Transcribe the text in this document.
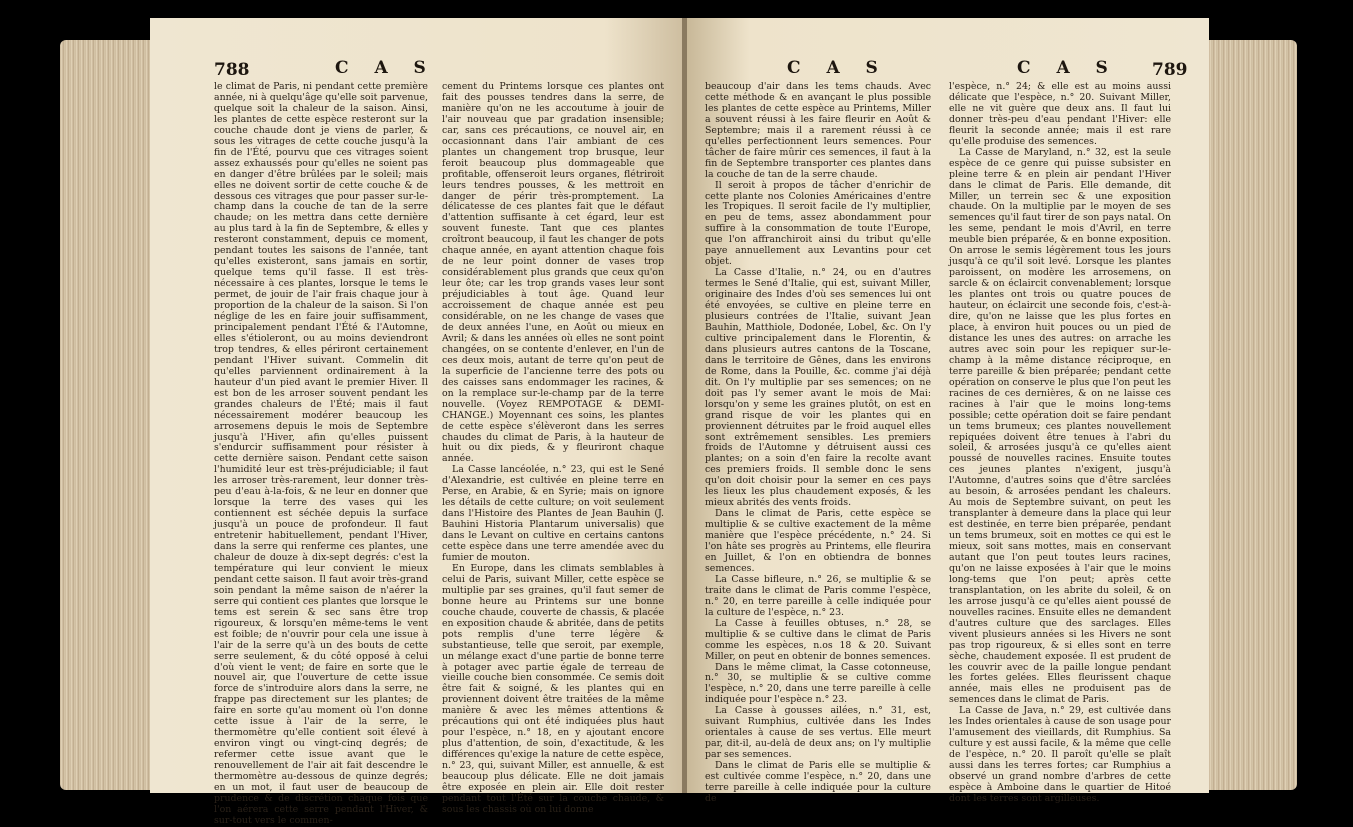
788	C A S

le climat de Paris, ni pendant cette première année, ni à quelqu'âge qu'elle soit parvenue, quelque soit la chaleur de la saison. Ainsi, les plantes de cette espèce resteront sur la couche chaude dont je viens de parler, & sous les vitrages de cette couche jusqu'à la fin de l'Été, pourvu que ces vitrages soient assez exhaussés pour qu'elles ne soient pas en danger d'être brûlées par le soleil; mais elles ne doivent sortir de cette couche & de dessous ces vitrages que pour passer sur-le-champ dans la couche de tan de la serre chaude; on les mettra dans cette dernière au plus tard à la fin de Septembre, & elles y resteront constamment, depuis ce moment, pendant toutes les saisons de l'année, tant qu'elles existeront, sans jamais en sortir, quelque tems qu'il fasse. Il est très-nécessaire à ces plantes, lorsque le tems le permet, de jouir de l'air frais chaque jour à proportion de la chaleur de la saison. Si l'on néglige de les en faire jouir suffisamment, principalement pendant l'Été & l'Automne, elles s'étioleront, ou au moins deviendront trop tendres, & elles périront certainement pendant l'Hiver suivant. Commelin dit qu'elles parviennent ordinairement à la hauteur d'un pied avant le premier Hiver. Il est bon de les arroser souvent pendant les grandes chaleurs de l'Été; mais il faut nécessairement modérer beaucoup les arrosemens depuis le mois de Septembre jusqu'à l'Hiver, afin qu'elles puissent s'endurcir suffisamment pour résister à cette dernière saison. Pendant cette saison l'humidité leur est très-préjudiciable; il faut les arroser très-rarement, leur donner très-peu d'eau à-la-fois, & ne leur en donner que lorsque la terre des vases qui les contiennent est séchée depuis la surface jusqu'à un pouce de profondeur. Il faut entretenir habituellement, pendant l'Hiver, dans la serre qui renferme ces plantes, une chaleur de douze à dix-sept degrés: c'est la température qui leur convient le mieux pendant cette saison. Il faut avoir très-grand soin pendant la même saison de n'aérer la serre qui contient ces plantes que lorsque le tems est serein & sec sans être trop rigoureux, & lorsqu'en même-tems le vent est foible; de n'ouvrir pour cela une issue à l'air de la serre qu'à un des bouts de cette serre seulement, & du côté opposé à celui d'où vient le vent; de faire en sorte que le nouvel air, que l'ouverture de cette issue force de s'introduire alors dans la serre, ne frappe pas directement sur les plantes; de faire en sorte qu'au moment où l'on donne cette issue à l'air de la serre, le thermomètre qu'elle contient soit élevé à environ vingt ou vingt-cinq degrés; de refermer cette issue avant que le renouvellement de l'air ait fait descendre le thermomètre au-dessous de quinze degrés; en un mot, il faut user de beaucoup de prudence & de discrétion chaque fois que l'on aérera cette serre pendant l'Hiver, & sur-tout vers le commen-

cement du Printems lorsque ces plantes ont fait des pousses tendres dans la serre, de manière qu'on ne les accoutume à jouir de l'air nouveau que par gradation insensible; car, sans ces précautions, ce nouvel air, en occasionnant dans l'air ambiant de ces plantes un changement trop brusque, leur feroit beaucoup plus dommageable que profitable, offenseroit leurs organes, flétriroit leurs tendres pousses, & les mettroit en danger de périr très-promptement. La délicatesse de ces plantes fait que le défaut d'attention suffisante à cet égard, leur est souvent funeste. Tant que ces plantes croîtront beaucoup, il faut les changer de pots chaque année, en ayant attention chaque fois de ne leur point donner de vases trop considérablement plus grands que ceux qu'on leur ôte; car les trop grands vases leur sont préjudiciables à tout âge. Quand leur accroissement de chaque année est peu considérable, on ne les change de vases que de deux années l'une, en Août ou mieux en Avril; & dans les années où elles ne sont point changées, on se contente d'enlever, en l'un de ces deux mois, autant de terre qu'on peut de la superficie de l'ancienne terre des pots ou des caisses sans endommager les racines, & on la remplace sur-le-champ par de la terre nouvelle. (Voyez REMPOTAGE & DEMI-CHANGE.) Moyennant ces soins, les plantes de cette espèce s'élèveront dans les serres chaudes du climat de Paris, à la hauteur de huit ou dix pieds, & y fleuriront chaque année.

La Casse lancéolée, n.° 23, qui est le Sené d'Alexandrie, est cultivée en pleine terre en Perse, en Arabie, & en Syrie; mais on ignore les détails de cette culture; on voit seulement dans l'Histoire des Plantes de Jean Bauhin (J. Bauhini Historia Plantarum universalis) que dans le Levant on cultive en certains cantons cette espèce dans une terre amendée avec du fumier de mouton.

En Europe, dans les climats semblables à celui de Paris, suivant Miller, cette espèce se multiplie par ses graines, qu'il faut semer de bonne heure au Printems sur une bonne couche chaude, couverte de chassis, & placée en exposition chaude & abritée, dans de petits pots remplis d'une terre légère & substantieuse, telle que seroit, par exemple, un mélange exact d'une partie de bonne terre à potager avec partie égale de terreau de vieille couche bien consommée. Ce semis doit être fait & soigné, & les plantes qui en proviennent doivent être traitées de la même manière & avec les mêmes attentions & précautions qui ont été indiquées plus haut pour l'espèce, n.° 18, en y ajoutant encore plus d'attention, de soin, d'exactitude, & les différences qu'exige la nature de cette espèce, n.° 23, qui, suivant Miller, est annuelle, & est beaucoup plus délicate. Elle ne doit jamais être exposée en plein air. Elle doit rester pendant tout l'Été sur la couche chaude, & sous les chassis où on lui donne

C A S	C A S 789

beaucoup d'air dans les tems chauds. Avec cette méthode & en avançant le plus possible les plantes de cette espèce au Printems, Miller a souvent réussi à les faire fleurir en Août & Septembre; mais il a rarement réussi à ce qu'elles perfectionnent leurs semences. Pour tâcher de faire mûrir ces semences, il faut à la fin de Septembre transporter ces plantes dans la couche de tan de la serre chaude.

Il seroit à propos de tâcher d'enrichir de cette plante nos Colonies Américaines d'entre les Tropiques. Il seroit facile de l'y multiplier, en peu de tems, assez abondamment pour suffire à la consommation de toute l'Europe, que l'on affranchiroit ainsi du tribut qu'elle paye annuellement aux Levantins pour cet objet.

La Casse d'Italie, n.° 24, ou en d'autres termes le Sené d'Italie, qui est, suivant Miller, originaire des Indes d'où ses semences lui ont été envoyées, se cultive en pleine terre en plusieurs contrées de l'Italie, suivant Jean Bauhin, Matthiole, Dodonée, Lobel, &c. On l'y cultive principalement dans le Florentin, & dans plusieurs autres cantons de la Toscane, dans le territoire de Gênes, dans les environs de Rome, dans la Pouille, &c. comme j'ai déjà dit. On l'y multiplie par ses semences; on ne doit pas l'y semer avant le mois de Mai: lorsqu'on y seme les graines plutôt, on est en grand risque de voir les plantes qui en proviennent détruites par le froid auquel elles sont extrêmement sensibles. Les premiers froids de l'Automne y détruisent aussi ces plantes; on a soin d'en faire la recolte avant ces premiers froids. Il semble donc le sens qu'on doit choisir pour la semer en ces pays les lieux les plus chaudement exposés, & les mieux abrités des vents froids.

Dans le climat de Paris, cette espèce se multiplie & se cultive exactement de la même manière que l'espèce précédente, n.° 24. Si l'on hâte ses progrès au Printems, elle fleurira en Juillet, & l'on en obtiendra de bonnes semences.

La Casse bifleure, n.° 26, se multiplie & se traite dans le climat de Paris comme l'espèce, n.° 20, en terre pareille à celle indiquée pour la culture de l'espèce, n.° 23.

La Casse à feuilles obtuses, n.° 28, se multiplie & se cultive dans le climat de Paris comme les espèces, n.os 18 & 20. Suivant Miller, on peut en obtenir de bonnes semences.

Dans le même climat, la Casse cotonneuse, n.° 30, se multiplie & se cultive comme l'espèce, n.° 20, dans une terre pareille à celle indiquée pour l'espèce n.° 23.

La Casse à gousses ailées, n.° 31, est, suivant Rumphius, cultivée dans les Indes orientales à cause de ses vertus. Elle meurt par, dit-il, au-delà de deux ans; on l'y multiplie par ses semences.

Dans le climat de Paris elle se multiplie & est cultivée comme l'espèce, n.° 20, dans une terre pareille à celle indiquée pour la culture de

l'espèce, n.° 24; & elle est au moins aussi délicate que l'espèce, n.° 20. Suivant Miller, elle ne vit guère que deux ans. Il faut lui donner très-peu d'eau pendant l'Hiver: elle fleurit la seconde année; mais il est rare qu'elle produise des semences.

La Casse de Maryland, n.° 32, est la seule espèce de ce genre qui puisse subsister en pleine terre & en plein air pendant l'Hiver dans le climat de Paris. Elle demande, dit Miller, un terrein sec & une exposition chaude. On la multiplie par le moyen de ses semences qu'il faut tirer de son pays natal. On les seme, pendant le mois d'Avril, en terre meuble bien préparée, & en bonne exposition. On arrose le semis légèrement tous les jours jusqu'à ce qu'il soit levé. Lorsque les plantes paroissent, on modère les arrosemens, on sarcle & on éclaircit convenablement; lorsque les plantes ont trois ou quatre pouces de hauteur, on éclaircit une seconde fois, c'est-à-dire, qu'on ne laisse que les plus fortes en place, à environ huit pouces ou un pied de distance les unes des autres: on arrache les autres avec soin pour les repiquer sur-le-champ à la même distance réciproque, en terre pareille & bien préparée; pendant cette opération on conserve le plus que l'on peut les racines de ces dernières, & on ne laisse ces racines à l'air que le moins long-tems possible; cette opération doit se faire pendant un tems brumeux; ces plantes nouvellement repiquées doivent être tenues à l'abri du soleil, & arrosées jusqu'à ce qu'elles aient poussé de nouvelles racines. Ensuite toutes ces jeunes plantes n'exigent, jusqu'à l'Automne, d'autres soins que d'être sarclées au besoin, & arrosées pendant les chaleurs. Au mois de Septembre suivant, on peut les transplanter à demeure dans la place qui leur est destinée, en terre bien préparée, pendant un tems brumeux, soit en mottes ce qui est le mieux, soit sans mottes, mais en conservant autant que l'on peut toutes leurs racines, qu'on ne laisse exposées à l'air que le moins long-tems que l'on peut; après cette transplantation, on les abrite du soleil, & on les arrose jusqu'à ce qu'elles aient poussé de nouvelles racines. Ensuite elles ne demandent d'autres culture que des sarclages. Elles vivent plusieurs années si les Hivers ne sont pas trop rigoureux, & si elles sont en terre sèche, chaudement exposée. Il est prudent de les couvrir avec de la paille longue pendant les fortes gelées. Elles fleurissent chaque année, mais elles ne produisent pas de semences dans le climat de Paris.

La Casse de Java, n.° 29, est cultivée dans les Indes orientales à cause de son usage pour l'amusement des vieillards, dit Rumphius. Sa culture y est aussi facile, & la même que celle de l'espèce, n.° 20. Il paroît qu'elle se plaît aussi dans les terres fortes; car Rumphius a observé un grand nombre d'arbres de cette espèce à Amboine dans le quartier de Hitoé dont les terres sont argilleuses.
